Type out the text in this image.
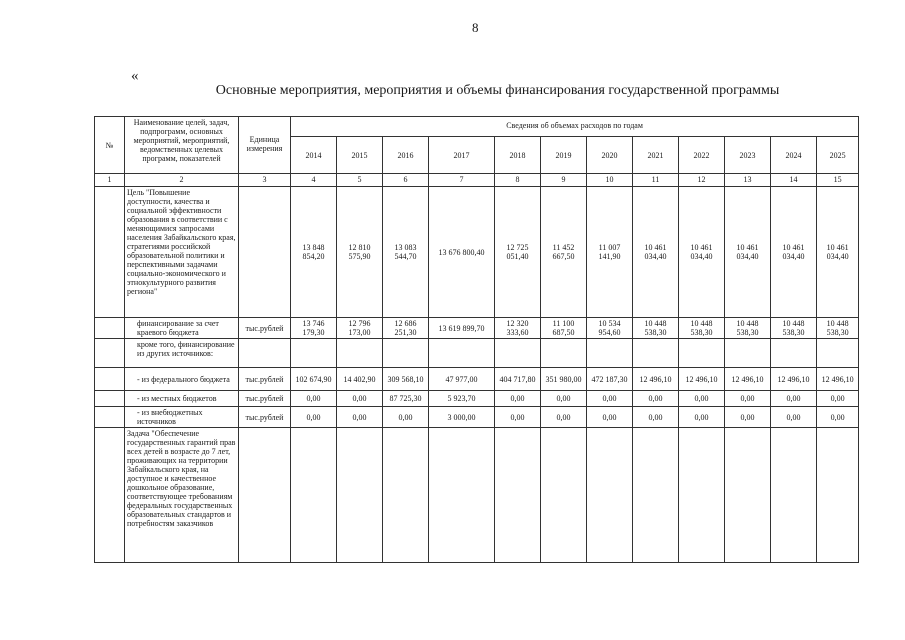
8
«
Основные мероприятия, мероприятия и объемы финансирования государственной программы
№	Наименование целей, задач, подпрограмм, основных мероприятий, мероприятий, ведомственных целевых программ, показателей	Единица измерения	Сведения об объемах расходов по годам											
			2014	2015	2016	2017	2018	2019	2020	2021	2022	2023	2024	2025
1	2	3	4	5	6	7	8	9	10	11	12	13	14	15
	Цель "Повышение доступности, качества и социальной эффективности образования в соответствии с меняющимися запросами населения Забайкальского края, стратегиями российской образовательной политики и перспективными задачами социально-экономического и этнокультурного развития региона"		13 848 854,20	12 810 575,90	13 083 544,70	13 676 800,40	12 725 051,40	11 452 667,50	11 007 141,90	10 461 034,40	10 461 034,40	10 461 034,40	10 461 034,40	10 461 034,40
	финансирование за счет краевого бюджета	тыс.рублей	13 746 179,30	12 796 173,00	12 686 251,30	13 619 899,70	12 320 333,60	11 100 687,50	10 534 954,60	10 448 538,30	10 448 538,30	10 448 538,30	10 448 538,30	10 448 538,30
	кроме того, финансирование из других источников:													
	- из федерального бюджета	тыс.рублей	102 674,90	14 402,90	309 568,10	47 977,00	404 717,80	351 980,00	472 187,30	12 496,10	12 496,10	12 496,10	12 496,10	12 496,10
	- из местных бюджетов	тыс.рублей	0,00	0,00	87 725,30	5 923,70	0,00	0,00	0,00	0,00	0,00	0,00	0,00	0,00
	- из внебюджетных источников	тыс.рублей	0,00	0,00	0,00	3 000,00	0,00	0,00	0,00	0,00	0,00	0,00	0,00	0,00
	Задача "Обеспечение государственных гарантий прав всех детей в возрасте до 7 лет, проживающих на территории Забайкальского края, на доступное и качественное дошкольное образование, соответствующее требованиям федеральных государственных образовательных стандартов и потребностям заказчиков													
